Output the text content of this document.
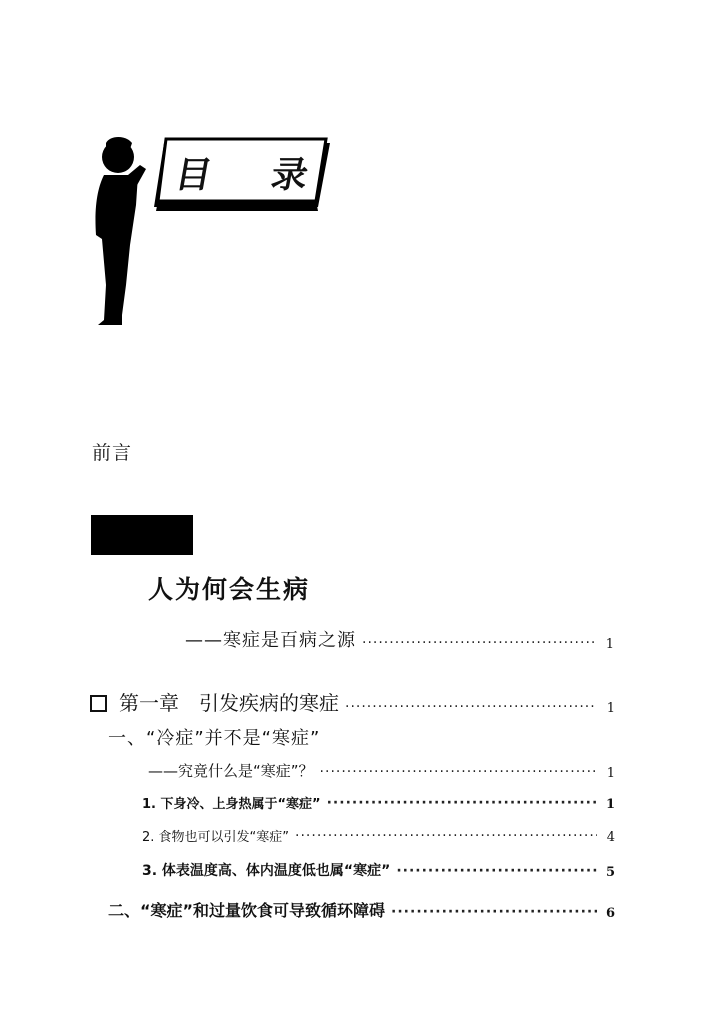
目 录
前言
人为何会生病
——寒症是百病之源 ·····	1
第一章　引发疾病的寒症 ·····	1
一、“冷症”并不是“寒症”
——究竟什么是“寒症”？ ·····	1
1. 下身冷、上身热属于“寒症” ·····	1
2. 食物也可以引发“寒症” ·····	4
3. 体表温度高、体内温度低也属“寒症” ·····	5
二、“寒症”和过量饮食可导致循环障碍 ·····	6
